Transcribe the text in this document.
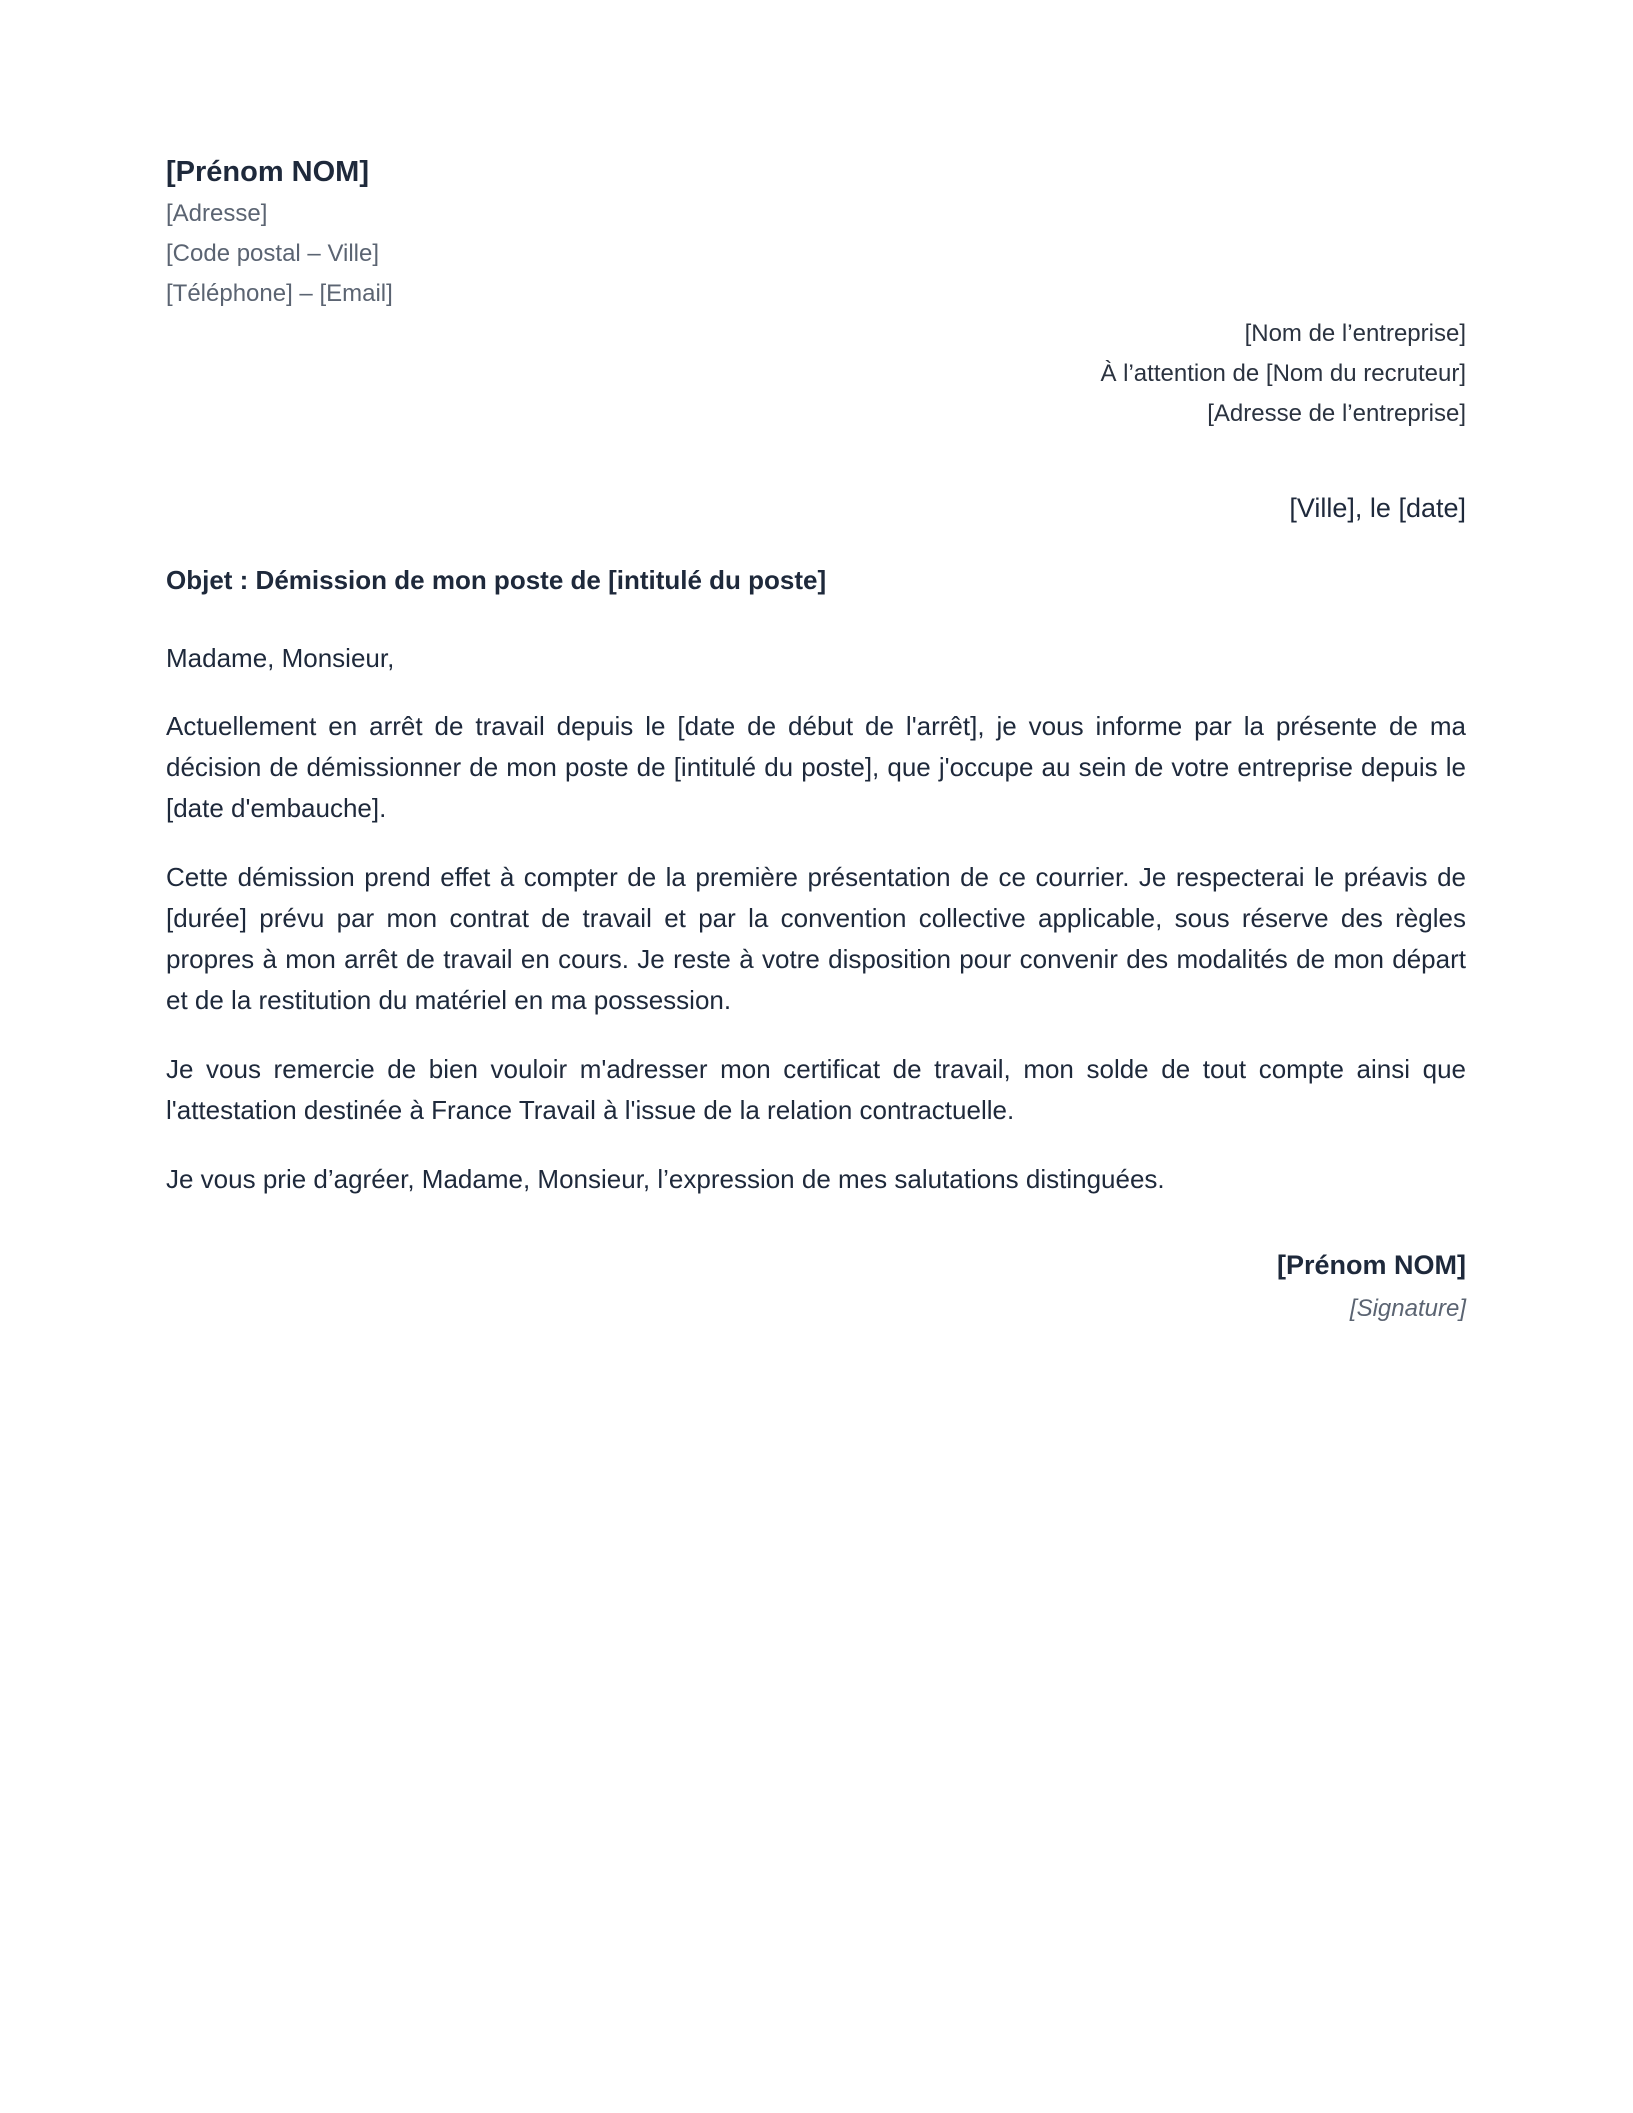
[Prénom NOM]

[Adresse]

[Code postal – Ville]

[Téléphone] – [Email]

[Nom de l’entreprise]

À l’attention de [Nom du recruteur]

[Adresse de l’entreprise]

[Ville], le [date]
Objet : Démission de mon poste de [intitulé du poste]
Madame, Monsieur,
Actuellement en arrêt de travail depuis le [date de début de l'arrêt], je vous informe par la présente de ma décision de démissionner de mon poste de [intitulé du poste], que j'occupe au sein de votre entreprise depuis le [date d'embauche].
Cette démission prend effet à compter de la première présentation de ce courrier. Je respecterai le préavis de [durée] prévu par mon contrat de travail et par la convention collective applicable, sous réserve des règles propres à mon arrêt de travail en cours. Je reste à votre disposition pour convenir des modalités de mon départ et de la restitution du matériel en ma possession.
Je vous remercie de bien vouloir m'adresser mon certificat de travail, mon solde de tout compte ainsi que l'attestation destinée à France Travail à l'issue de la relation contractuelle.
Je vous prie d’agréer, Madame, Monsieur, l’expression de mes salutations distinguées.
[Prénom NOM]
[Signature]
